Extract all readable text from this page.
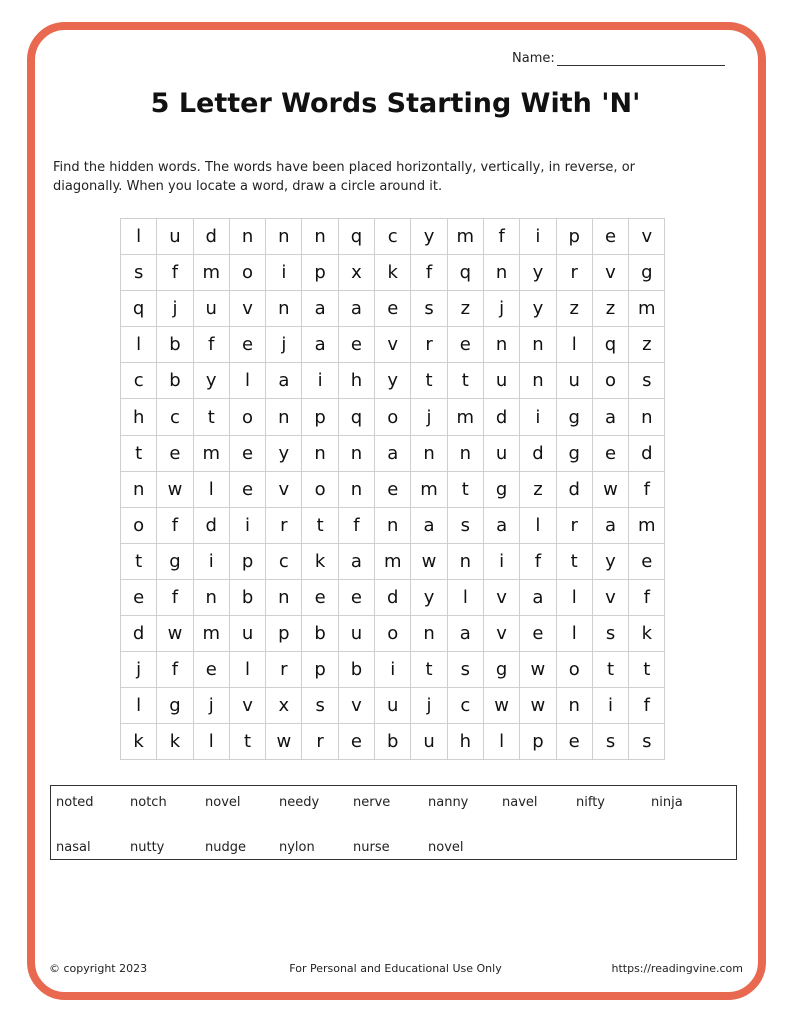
Name:
5 Letter Words Starting With 'N'
Find the hidden words. The words have been placed horizontally, vertically, in reverse, or diagonally. When you locate a word, draw a circle around it.
l	u	d	n	n	n	q	c	y	m	f	i	p	e	v
s	f	m	o	i	p	x	k	f	q	n	y	r	v	g
q	j	u	v	n	a	a	e	s	z	j	y	z	z	m
l	b	f	e	j	a	e	v	r	e	n	n	l	q	z
c	b	y	l	a	i	h	y	t	t	u	n	u	o	s
h	c	t	o	n	p	q	o	j	m	d	i	g	a	n
t	e	m	e	y	n	n	a	n	n	u	d	g	e	d
n	w	l	e	v	o	n	e	m	t	g	z	d	w	f
o	f	d	i	r	t	f	n	a	s	a	l	r	a	m
t	g	i	p	c	k	a	m	w	n	i	f	t	y	e
e	f	n	b	n	e	e	d	y	l	v	a	l	v	f
d	w	m	u	p	b	u	o	n	a	v	e	l	s	k
j	f	e	l	r	p	b	i	t	s	g	w	o	t	t
l	g	j	v	x	s	v	u	j	c	w	w	n	i	f
k	k	l	t	w	r	e	b	u	h	l	p	e	s	s
noted	notch	novel	needy	nerve	nanny	navel	nifty	ninja
nasal	nutty	nudge	nylon	nurse	novel
© copyright 2023	For Personal and Educational Use Only	https://readingvine.com
